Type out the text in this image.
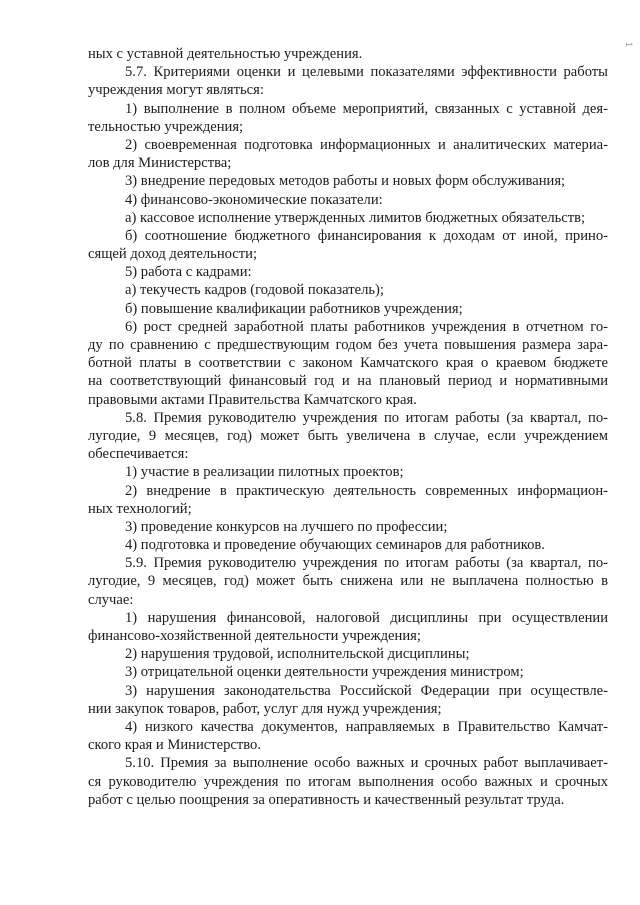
1
ных с уставной деятельностью учреждения.
5.7. Критериями оценки и целевыми показателями эффективности работы
учреждения могут являться:
1) выполнение в полном объеме мероприятий, связанных с уставной дея-
тельностью учреждения;
2) своевременная подготовка информационных и аналитических материа-
лов для Министерства;
3) внедрение передовых методов работы и новых форм обслуживания;
4) финансово-экономические показатели:
а) кассовое исполнение утвержденных лимитов бюджетных обязательств;
б) соотношение бюджетного финансирования к доходам от иной, прино-
сящей доход деятельности;
5) работа с кадрами:
а) текучесть кадров (годовой показатель);
б) повышение квалификации работников учреждения;
6) рост средней заработной платы работников учреждения в отчетном го-
ду по сравнению с предшествующим годом без учета повышения размера зара-
ботной платы в соответствии с законом Камчатского края о краевом бюджете
на соответствующий финансовый год и на плановый период и нормативными
правовыми актами Правительства Камчатского края.
5.8. Премия руководителю учреждения по итогам работы (за квартал, по-
лугодие, 9 месяцев, год) может быть увеличена в случае, если учреждением
обеспечивается:
1) участие в реализации пилотных проектов;
2) внедрение в практическую деятельность современных информацион-
ных технологий;
3) проведение конкурсов на лучшего по профессии;
4) подготовка и проведение обучающих семинаров для работников.
5.9. Премия руководителю учреждения по итогам работы (за квартал, по-
лугодие, 9 месяцев, год) может быть снижена или не выплачена полностью в
случае:
1) нарушения финансовой, налоговой дисциплины при осуществлении
финансово-хозяйственной деятельности учреждения;
2) нарушения трудовой, исполнительской дисциплины;
3) отрицательной оценки деятельности учреждения министром;
3) нарушения законодательства Российской Федерации при осуществле-
нии закупок товаров, работ, услуг для нужд учреждения;
4) низкого качества документов, направляемых в Правительство Камчат-
ского края и Министерство.
5.10. Премия за выполнение особо важных и срочных работ выплачивает-
ся руководителю учреждения по итогам выполнения особо важных и срочных
работ с целью поощрения за оперативность и качественный результат труда.
